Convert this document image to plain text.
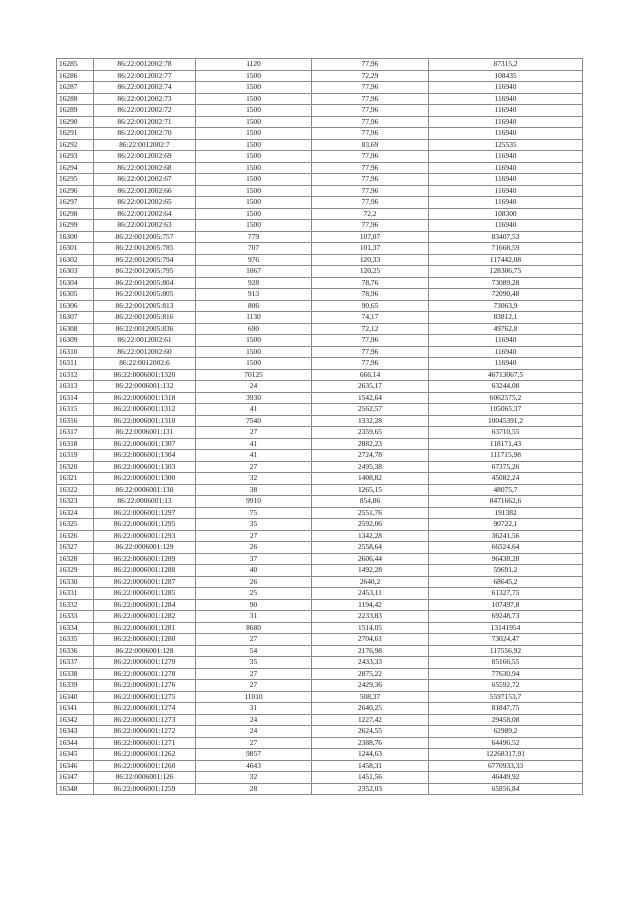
16285	86:22:0012002:78	1120	77,96	87315,2
16286	86:22:0012002:77	1500	72,29	108435
16287	86:22:0012002:74	1500	77,96	116940
16288	86:22:0012002:73	1500	77,96	116940
16289	86:22:0012002:72	1500	77,96	116940
16290	86:22:0012002:71	1500	77,96	116940
16291	86:22:0012002:70	1500	77,96	116940
16292	86:22:0012002:7	1500	83,69	125535
16293	86:22:0012002:69	1500	77,96	116940
16294	86:22:0012002:68	1500	77,96	116940
16295	86:22:0012002:67	1500	77,96	116940
16296	86:22:0012002:66	1500	77,96	116940
16297	86:22:0012002:65	1500	77,96	116940
16298	86:22:0012002:64	1500	72,2	108300
16299	86:22:0012002:63	1500	77,96	116940
16300	86:22:0012005:757	779	107,07	83407,53
16301	86:22:0012005:785	707	101,37	71668,59
16302	86:22:0012005:794	976	120,33	117442,08
16303	86:22:0012005:795	1067	120,25	128306,75
16304	86:22:0012005:804	928	78,76	73089,28
16305	86:22:0012005:805	913	78,96	72090,48
16306	86:22:0012005:813	806	90,65	73063,9
16307	86:22:0012005:816	1130	74,17	83812,1
16308	86:22:0012005:836	690	72,12	49762,8
16309	86:22:0012002:61	1500	77,96	116940
16310	86:22:0012002:60	1500	77,96	116940
16311	86:22:0012002:6	1500	77,96	116940
16312	86:22:0006001:1320	70125	666,14	46713067,5
16313	86:22:0006001:132	24	2635,17	63244,08
16314	86:22:0006001:1318	3930	1542,64	6062575,2
16315	86:22:0006001:1312	41	2562,57	105065,37
16316	86:22:0006001:1310	7540	1332,28	10045391,2
16317	86:22:0006001:131	27	2359,65	63710,55
16318	86:22:0006001:1307	41	2882,23	118171,43
16319	86:22:0006001:1304	41	2724,78	111715,98
16320	86:22:0006001:1303	27	2495,38	67375,26
16321	86:22:0006001:1300	32	1408,82	45082,24
16322	86:22:0006001:130	38	1265,15	48075,7
16323	86:22:0006001:13	9910	854,86	8471662,6
16324	86:22:0006001:1297	75	2551,76	191382
16325	86:22:0006001:1295	35	2592,06	90722,1
16326	86:22:0006001:1293	27	1342,28	36241,56
16327	86:22:0006001:129	26	2558,64	66524,64
16328	86:22:0006001:1289	37	2606,44	96438,28
16329	86:22:0006001:1288	40	1492,28	59691,2
16330	86:22:0006001:1287	26	2640,2	68645,2
16331	86:22:0006001:1285	25	2453,11	61327,75
16332	86:22:0006001:1284	90	1194,42	107497,8
16333	86:22:0006001:1282	31	2233,83	69248,73
16334	86:22:0006001:1281	8680	1514,05	13141954
16335	86:22:0006001:1280	27	2704,61	73024,47
16336	86:22:0006001:128	54	2176,98	117556,92
16337	86:22:0006001:1279	35	2433,33	85166,55
16338	86:22:0006001:1278	27	2875,22	77630,94
16339	86:22:0006001:1276	27	2429,36	65592,72
16340	86:22:0006001:1275	11010	508,37	5597153,7
16341	86:22:0006001:1274	31	2640,25	81847,75
16342	86:22:0006001:1273	24	1227,42	29458,08
16343	86:22:0006001:1272	24	2624,55	62989,2
16344	86:22:0006001:1271	27	2388,76	64496,52
16345	86:22:0006001:1262	9857	1244,63	12268317,91
16346	86:22:0006001:1260	4643	1458,31	6770933,33
16347	86:22:0006001:126	32	1451,56	46449,92
16348	86:22:0006001:1259	28	2352,03	65856,84
